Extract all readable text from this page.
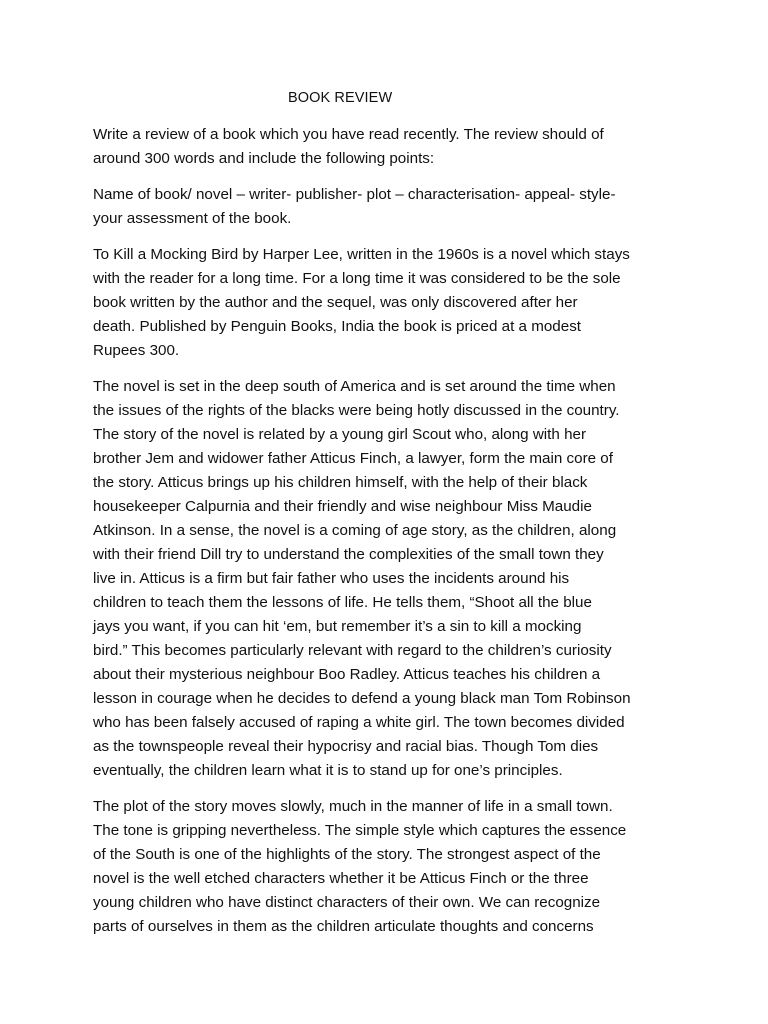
BOOK REVIEW

Write a review of a book which you have read recently. The review should of
around 300 words and include the following points:

Name of book/ novel – writer- publisher- plot – characterisation- appeal- style-
your assessment of the book.

To Kill a Mocking Bird by Harper Lee, written in the 1960s is a novel which stays
with the reader for a long time. For a long time it was considered to be the sole
book written by the author and the sequel, was only discovered after her
death. Published by Penguin Books, India the book is priced at a modest
Rupees 300.

The novel is set in the deep south of America and is set around the time when
the issues of the rights of the blacks were being hotly discussed in the country.
The story of the novel is related by a young girl Scout who, along with her
brother Jem and widower father Atticus Finch, a lawyer, form the main core of
the story. Atticus brings up his children himself, with the help of their black
housekeeper Calpurnia and their friendly and wise neighbour Miss Maudie
Atkinson. In a sense, the novel is a coming of age story, as the children, along
with their friend Dill try to understand the complexities of the small town they
live in. Atticus is a firm but fair father who uses the incidents around his
children to teach them the lessons of life. He tells them, “Shoot all the blue
jays you want, if you can hit ‘em, but remember it’s a sin to kill a mocking
bird.” This becomes particularly relevant with regard to the children’s curiosity
about their mysterious neighbour Boo Radley. Atticus teaches his children a
lesson in courage when he decides to defend a young black man Tom Robinson
who has been falsely accused of raping a white girl. The town becomes divided
as the townspeople reveal their hypocrisy and racial bias. Though Tom dies
eventually, the children learn what it is to stand up for one’s principles.

The plot of the story moves slowly, much in the manner of life in a small town.
The tone is gripping nevertheless. The simple style which captures the essence
of the South is one of the highlights of the story. The strongest aspect of the
novel is the well etched characters whether it be Atticus Finch or the three
young children who have distinct characters of their own. We can recognize
parts of ourselves in them as the children articulate thoughts and concerns
